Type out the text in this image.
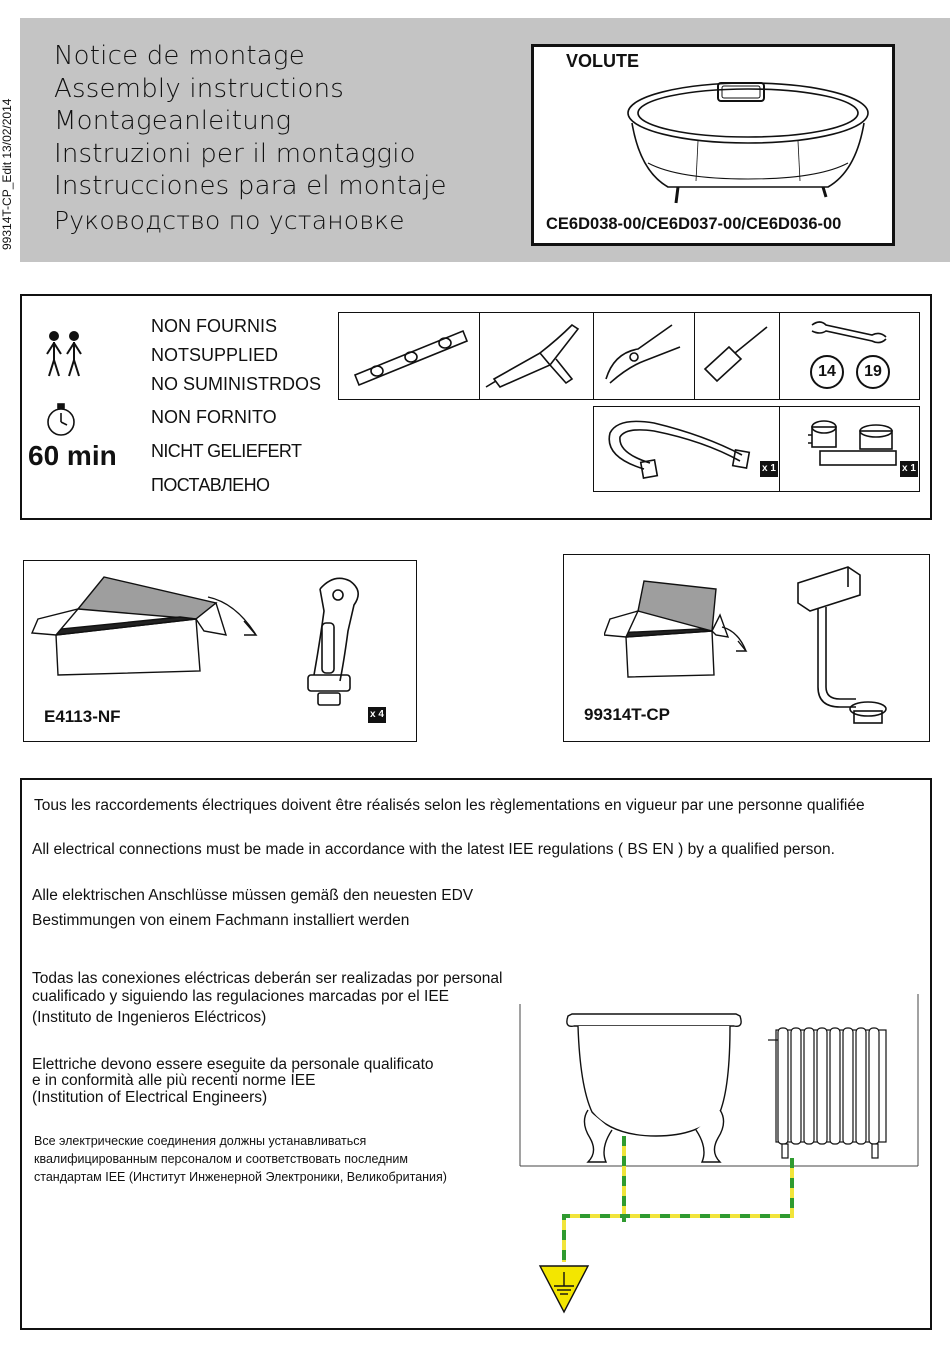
99314T-CP_Edit 13/02/2014
Notice de montage
Assembly instructions
Montageanleitung
Instruzioni per il montaggio
Instrucciones para el montaje
Руководство по установке
VOLUTE
CE6D038-00/CE6D037-00/CE6D036-00
60 min
NON FOURNIS
NOTSUPPLIED
NO SUMINISTRDOS
NON FORNITO
NICHT GELIEFERT
ПОСТАВЛЕНО
14	19
x 1	x 1
E4113-NF	x 4	99314T-CP
Tous les raccordements électriques doivent être réalisés selon les règlementations en vigueur par une personne qualifiée
All electrical connections must be made in accordance with the latest IEE regulations ( BS EN ) by a qualified person.
Alle elektrischen Anschlüsse müssen gemäß den neuesten EDV
Bestimmungen von einem Fachmann installiert werden
Todas las conexiones eléctricas deberán ser realizadas por personal
cualificado y siguiendo las regulaciones marcadas por el IEE
(Instituto de Ingenieros Eléctricos)
Elettriche devono essere eseguite da personale qualificato
e in conformità alle più recenti norme IEE
(Institution of Electrical Engineers)
Все электрические соединения должны устанавливаться
квалифицированным персоналом и соответствовать последним
стандартам IEE (Институт Инженерной Электроники, Великобритания)
